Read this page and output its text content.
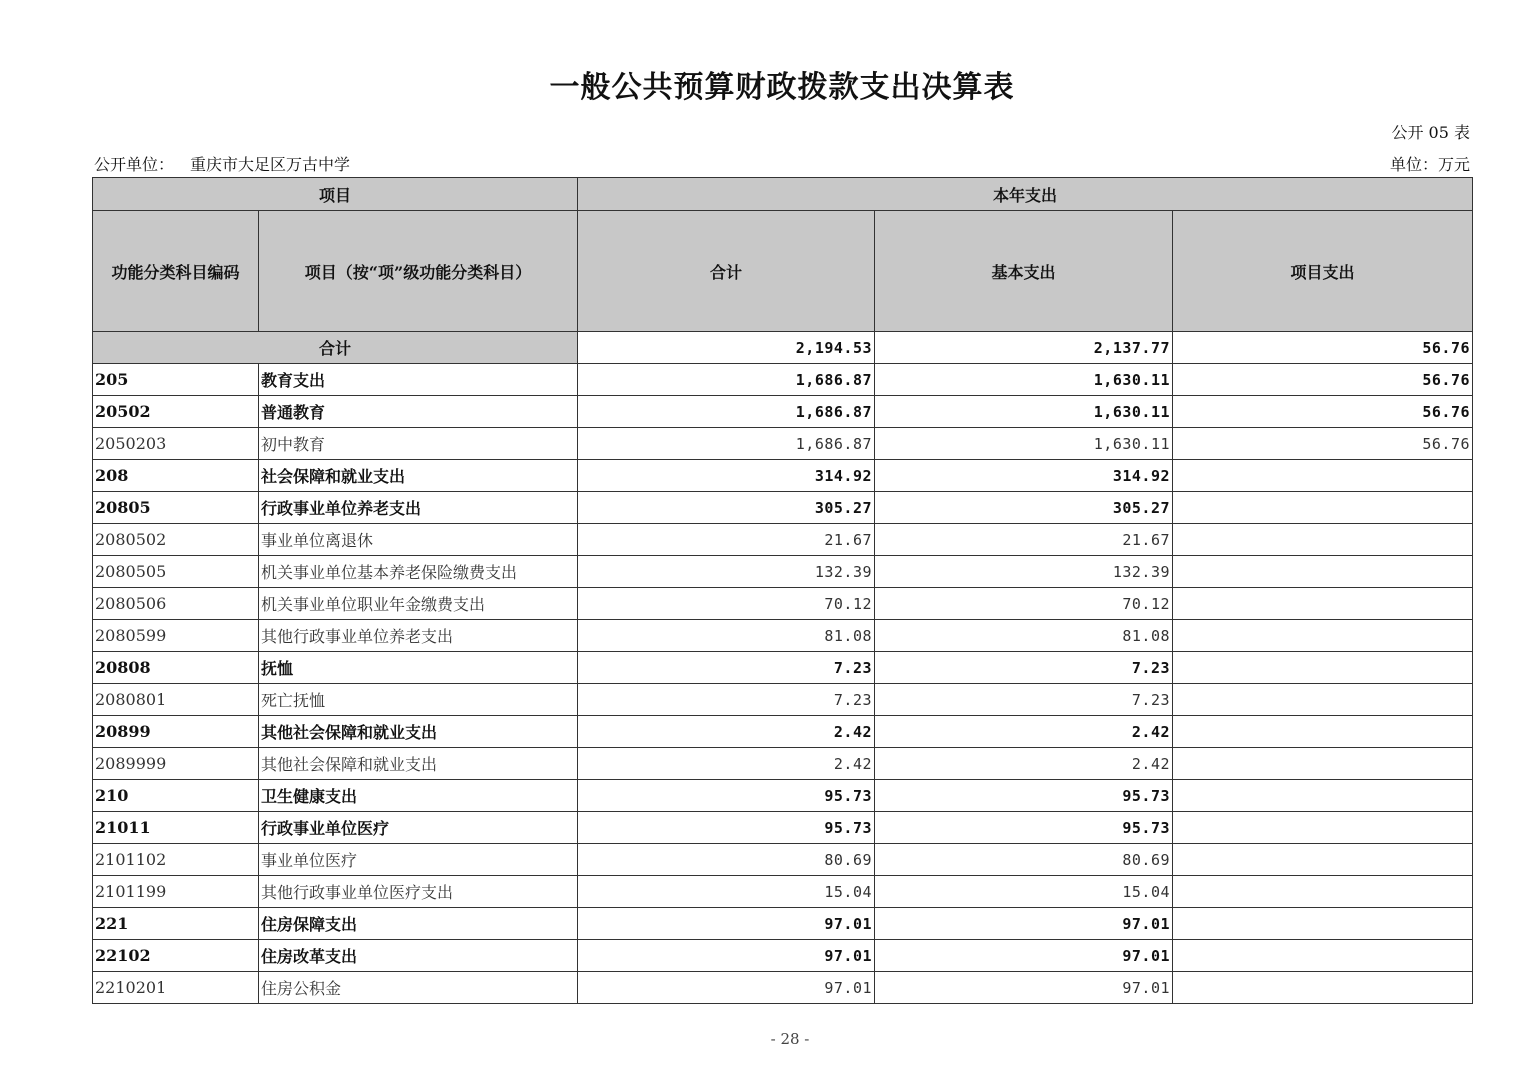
一般公共预算财政拨款支出决算表
公开 05 表
公开单位： 重庆市大足区万古中学	单位：万元
项目		本年支出		
功能分类科目编码	项目（按“项”级功能分类科目）	合计	基本支出	项目支出
合计		2,194.53	2,137.77	56.76
205	教育支出	1,686.87	1,630.11	56.76
20502	普通教育	1,686.87	1,630.11	56.76
2050203	初中教育	1,686.87	1,630.11	56.76
208	社会保障和就业支出	314.92	314.92	
20805	行政事业单位养老支出	305.27	305.27	
2080502	事业单位离退休	21.67	21.67	
2080505	机关事业单位基本养老保险缴费支出	132.39	132.39	
2080506	机关事业单位职业年金缴费支出	70.12	70.12	
2080599	其他行政事业单位养老支出	81.08	81.08	
20808	抚恤	7.23	7.23	
2080801	死亡抚恤	7.23	7.23	
20899	其他社会保障和就业支出	2.42	2.42	
2089999	其他社会保障和就业支出	2.42	2.42	
210	卫生健康支出	95.73	95.73	
21011	行政事业单位医疗	95.73	95.73	
2101102	事业单位医疗	80.69	80.69	
2101199	其他行政事业单位医疗支出	15.04	15.04	
221	住房保障支出	97.01	97.01	
22102	住房改革支出	97.01	97.01	
2210201	住房公积金	97.01	97.01	
- 28 -
